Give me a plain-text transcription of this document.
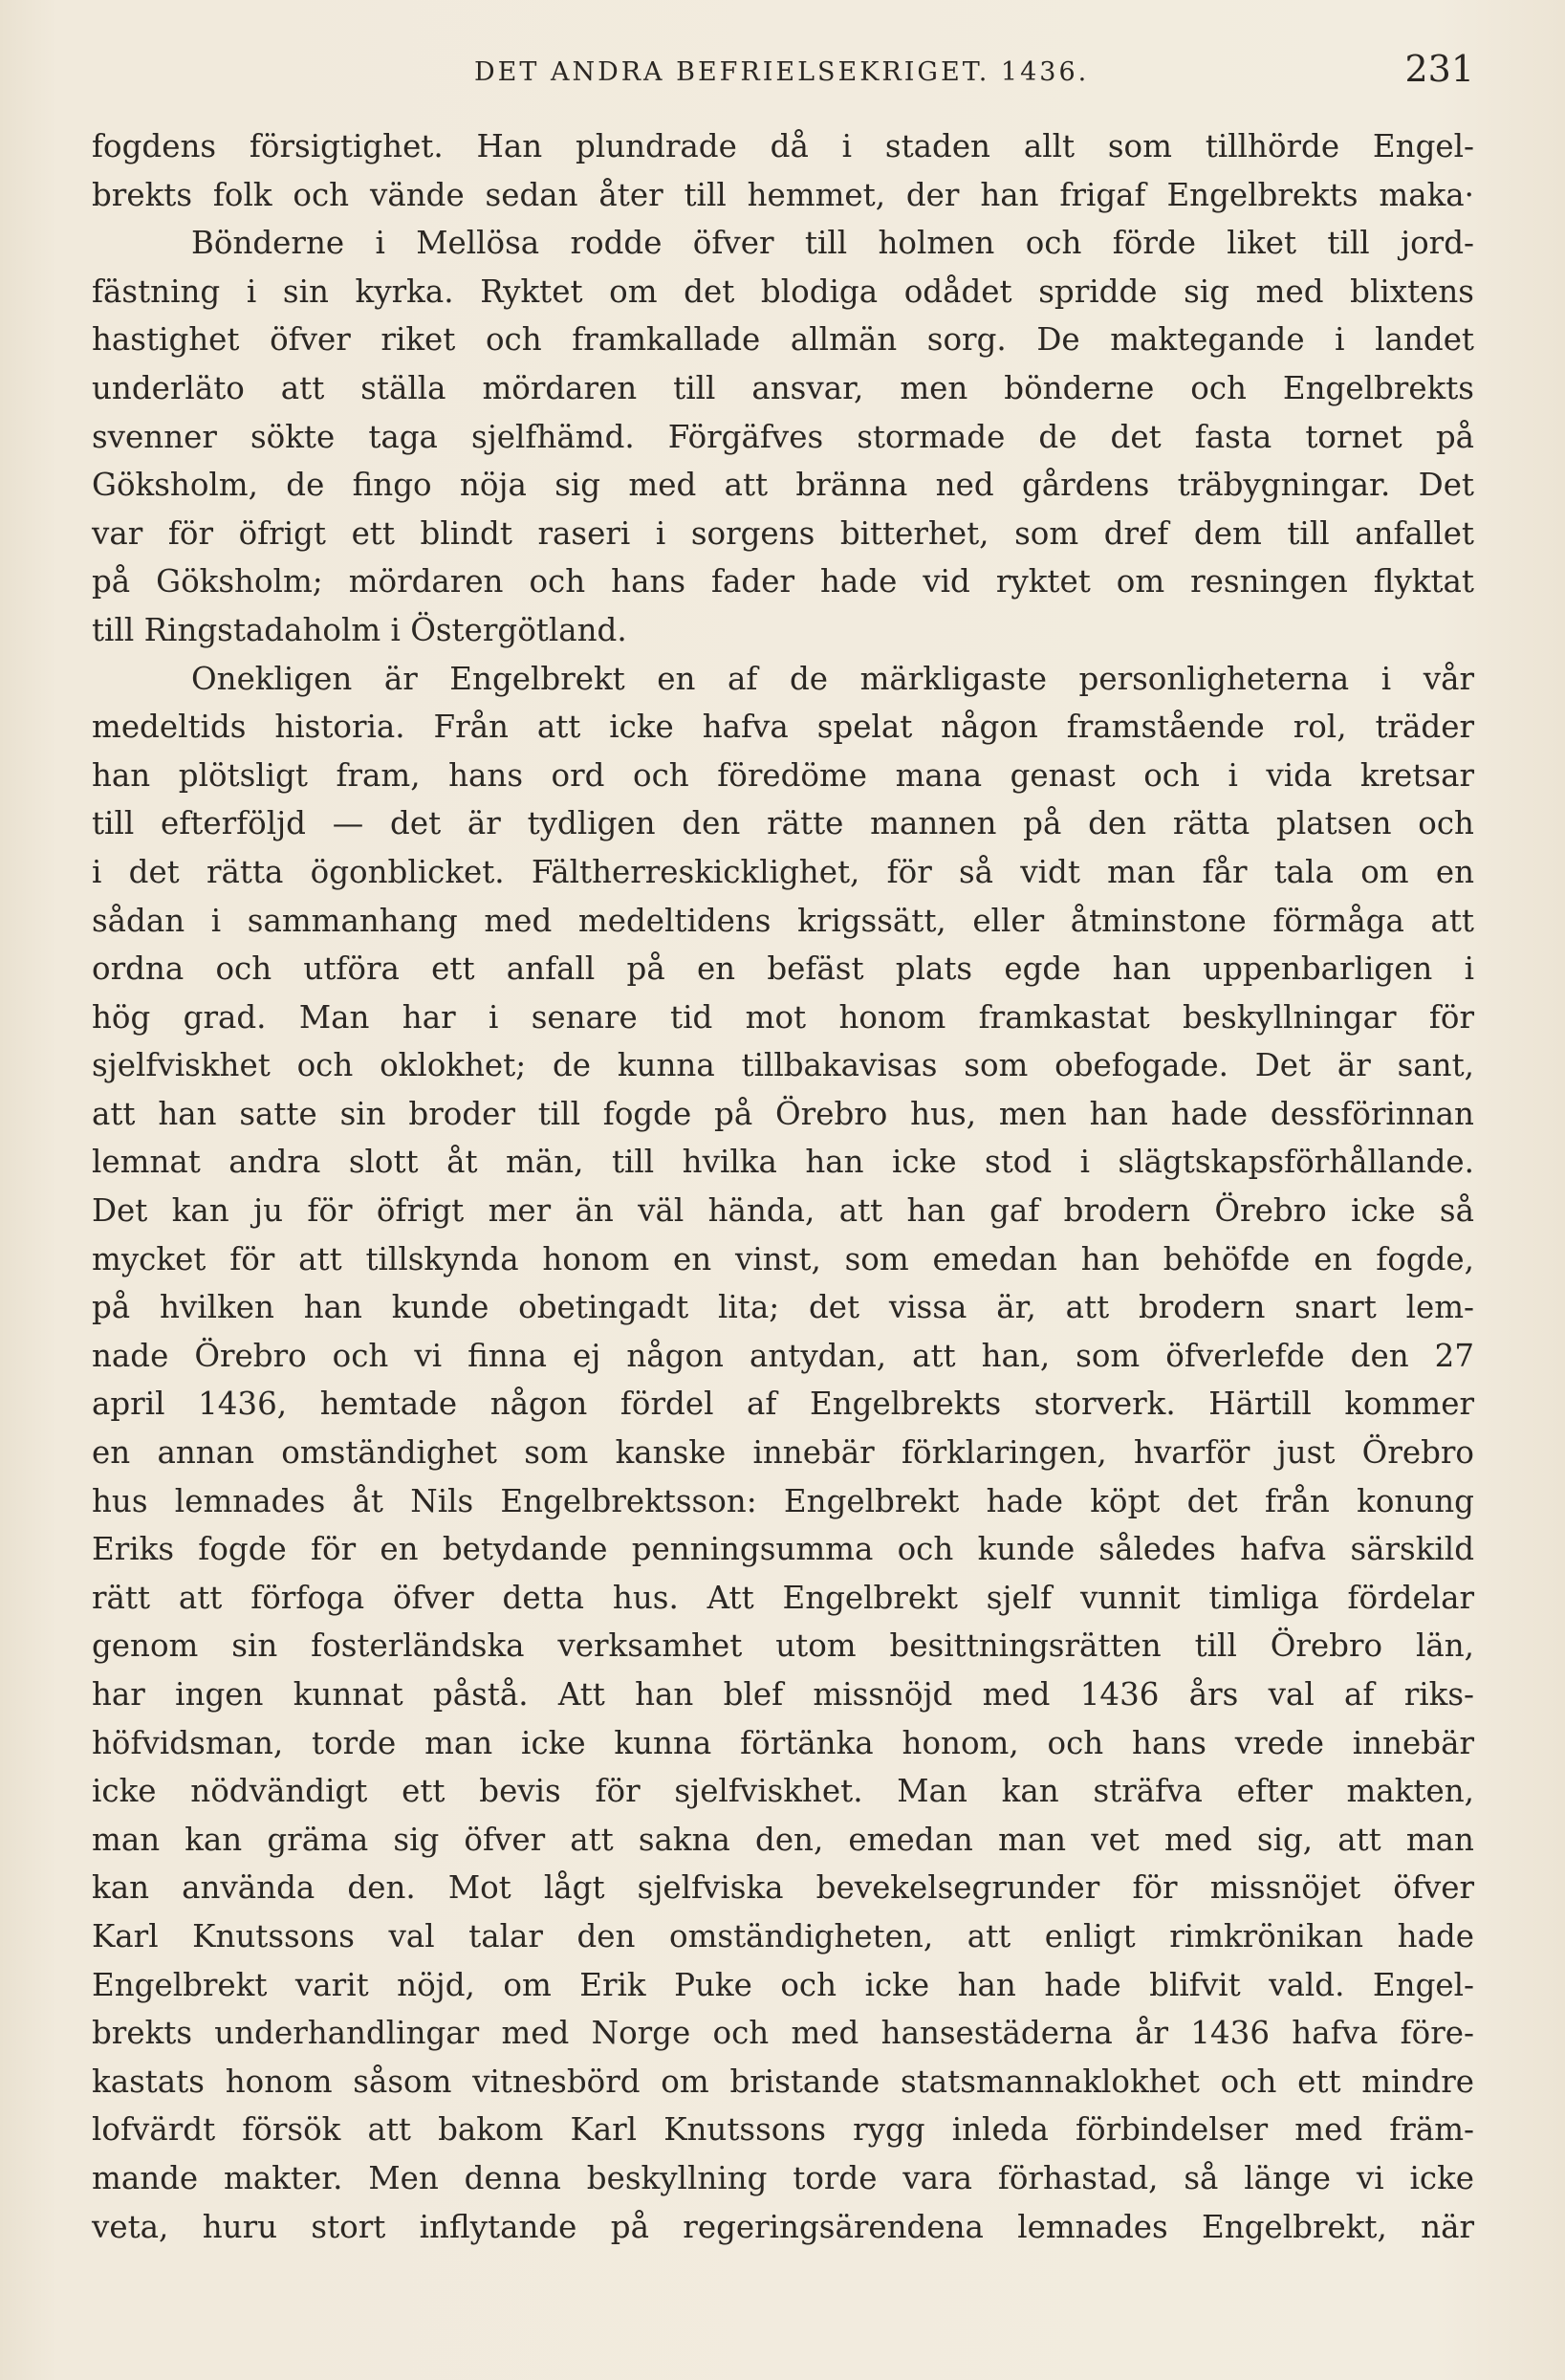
DET ANDRA BEFRIELSEKRIGET. 1436.	231
fogdens försigtighet. Han plundrade då i staden allt som tillhörde Engel-
brekts folk och vände sedan åter till hemmet, der han frigaf Engelbrekts maka·
Bönderne i Mellösa rodde öfver till holmen och förde liket till jord-
fästning i sin kyrka. Ryktet om det blodiga odådet spridde sig med blixtens
hastighet öfver riket och framkallade allmän sorg. De maktegande i landet
underläto att ställa mördaren till ansvar, men bönderne och Engelbrekts
svenner sökte taga sjelfhämd. Förgäfves stormade de det fasta tornet på
Göksholm, de fingo nöja sig med att bränna ned gårdens träbygningar. Det
var för öfrigt ett blindt raseri i sorgens bitterhet, som dref dem till anfallet
på Göksholm; mördaren och hans fader hade vid ryktet om resningen flyktat
till Ringstadaholm i Östergötland.
Onekligen är Engelbrekt en af de märkligaste personligheterna i vår
medeltids historia. Från att icke hafva spelat någon framstående rol, träder
han plötsligt fram, hans ord och föredöme mana genast och i vida kretsar
till efterföljd — det är tydligen den rätte mannen på den rätta platsen och
i det rätta ögonblicket. Fältherreskicklighet, för så vidt man får tala om en
sådan i sammanhang med medeltidens krigssätt, eller åtminstone förmåga att
ordna och utföra ett anfall på en befäst plats egde han uppenbarligen i
hög grad. Man har i senare tid mot honom framkastat beskyllningar för
sjelfviskhet och oklokhet; de kunna tillbakavisas som obefogade. Det är sant,
att han satte sin broder till fogde på Örebro hus, men han hade dessförinnan
lemnat andra slott åt män, till hvilka han icke stod i slägtskapsförhållande.
Det kan ju för öfrigt mer än väl hända, att han gaf brodern Örebro icke så
mycket för att tillskynda honom en vinst, som emedan han behöfde en fogde,
på hvilken han kunde obetingadt lita; det vissa är, att brodern snart lem-
nade Örebro och vi finna ej någon antydan, att han, som öfverlefde den 27
april 1436, hemtade någon fördel af Engelbrekts storverk. Härtill kommer
en annan omständighet som kanske innebär förklaringen, hvarför just Örebro
hus lemnades åt Nils Engelbrektsson: Engelbrekt hade köpt det från konung
Eriks fogde för en betydande penningsumma och kunde således hafva särskild
rätt att förfoga öfver detta hus. Att Engelbrekt sjelf vunnit timliga fördelar
genom sin fosterländska verksamhet utom besittningsrätten till Örebro län,
har ingen kunnat påstå. Att han blef missnöjd med 1436 års val af riks-
höfvidsman, torde man icke kunna förtänka honom, och hans vrede innebär
icke nödvändigt ett bevis för sjelfviskhet. Man kan sträfva efter makten,
man kan gräma sig öfver att sakna den, emedan man vet med sig, att man
kan använda den. Mot lågt sjelfviska bevekelsegrunder för missnöjet öfver
Karl Knutssons val talar den omständigheten, att enligt rimkrönikan hade
Engelbrekt varit nöjd, om Erik Puke och icke han hade blifvit vald. Engel-
brekts underhandlingar med Norge och med hansestäderna år 1436 hafva före-
kastats honom såsom vitnesbörd om bristande statsmannaklokhet och ett mindre
lofvärdt försök att bakom Karl Knutssons rygg inleda förbindelser med främ-
mande makter. Men denna beskyllning torde vara förhastad, så länge vi icke
veta, huru stort inflytande på regeringsärendena lemnades Engelbrekt, när
